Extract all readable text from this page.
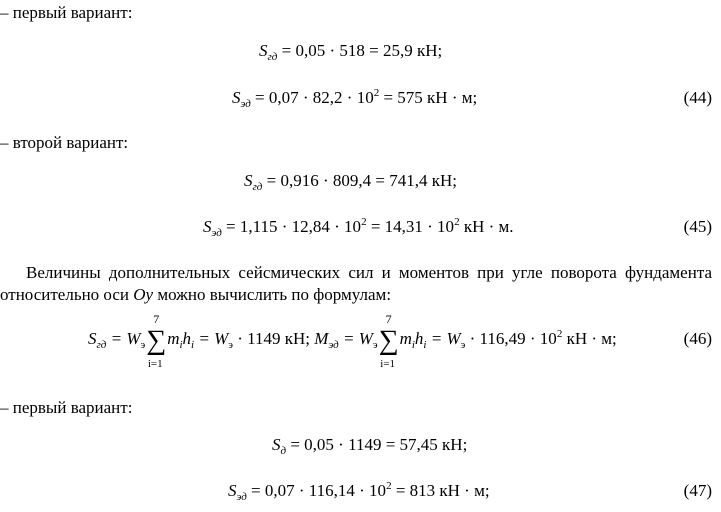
– первый вариант:
$S_{гд} = 0,05 \cdot 518 = 25,9$ кН;
$S_{эд} = 0,07 \cdot 82,2 \cdot 10^2 = 575$ кН · м;	(44)
– второй вариант:
$S_{гд} = 0,916 \cdot 809,4 = 741,4$ кН;
$S_{эд} = 1,115 \cdot 12,84 \cdot 10^2 = 14,31 \cdot 10^2$ кН · м.	(45)
Величины дополнительных сейсмических сил и моментов при угле поворота фундамента относительно оси Oy можно вычислить по формулам:
$S_{гд} = W_э\sum$
7
i=1
$m_ih_i = W_э \cdot 1149$ кН; $M_{эд} = W_э\sum$
7
i=1
$m_ih_i = W_э \cdot 116,49 \cdot 10^2$ кН · м;	(46)
– первый вариант:
$S_д = 0,05 \cdot 1149 = 57,45$ кН;
$S_{эд} = 0,07 \cdot 116,14 \cdot 10^2 = 813$ кН · м;	(47)
